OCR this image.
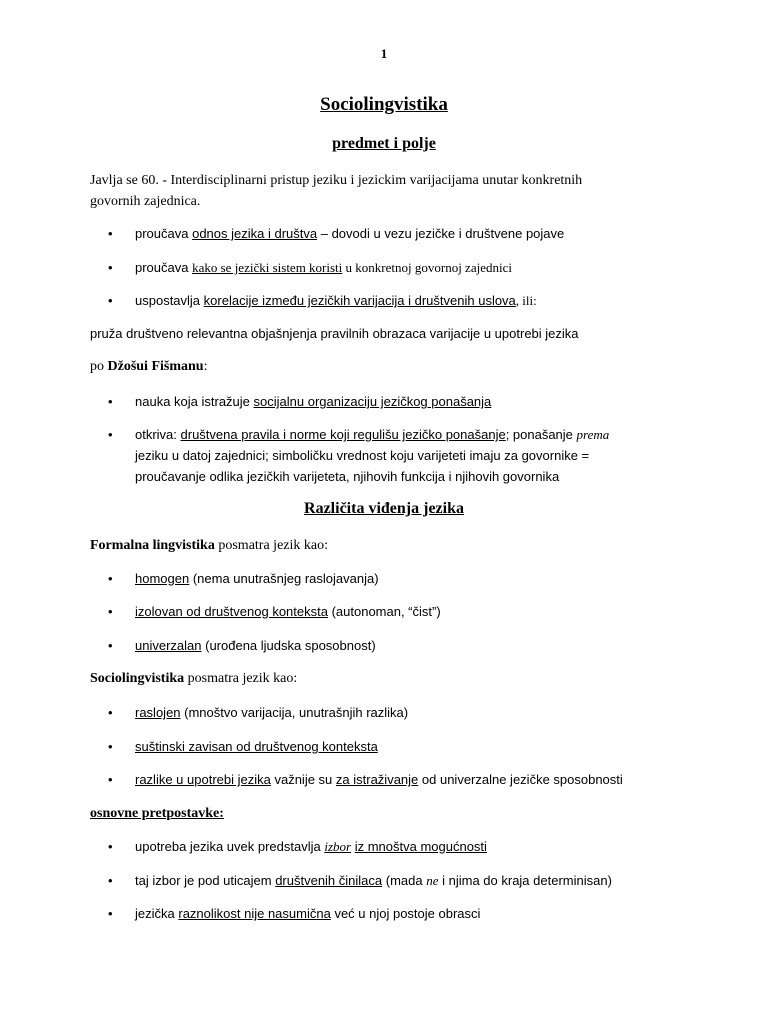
1
Sociolingvistika
predmet i polje
Javlja se 60. - Interdisciplinarni pristup jeziku i jezickim varijacijama unutar konkretnih
govornih zajednica.
•	proučava odnos jezika i društva – dovodi u vezu jezičke i društvene pojave
•	proučava kako se jezički sistem koristi u konkretnoj govornoj zajednici
•	uspostavlja korelacije između jezičkih varijacija i društvenih uslova, ili:
pruža društveno relevantna objašnjenja pravilnih obrazaca varijacije u upotrebi jezika
po Džošui Fišmanu:
•	nauka koja istražuje socijalnu organizaciju jezičkog ponašanja
•	otkriva: društvena pravila i norme koji regulišu jezičko ponašanje; ponašanje prema
jeziku u datoj zajednici; simboličku vrednost koju varijeteti imaju za govornike =
proučavanje odlika jezičkih varijeteta, njihovih funkcija i njihovih govornika
Različita viđenja jezika
Formalna lingvistika posmatra jezik kao:
•	homogen (nema unutrašnjeg raslojavanja)
•	izolovan od društvenog konteksta (autonoman, “čist”)
•	univerzalan (urođena ljudska sposobnost)
Sociolingvistika posmatra jezik kao:
•	raslojen (mnoštvo varijacija, unutrašnjih razlika)
•	suštinski zavisan od društvenog konteksta
•	razlike u upotrebi jezika važnije su za istraživanje od univerzalne jezičke sposobnosti
osnovne pretpostavke:
•	upotreba jezika uvek predstavlja izbor iz mnoštva mogućnosti
•	taj izbor je pod uticajem društvenih činilaca (mada ne i njima do kraja determinisan)
•	jezička raznolikost nije nasumična već u njoj postoje obrasci
